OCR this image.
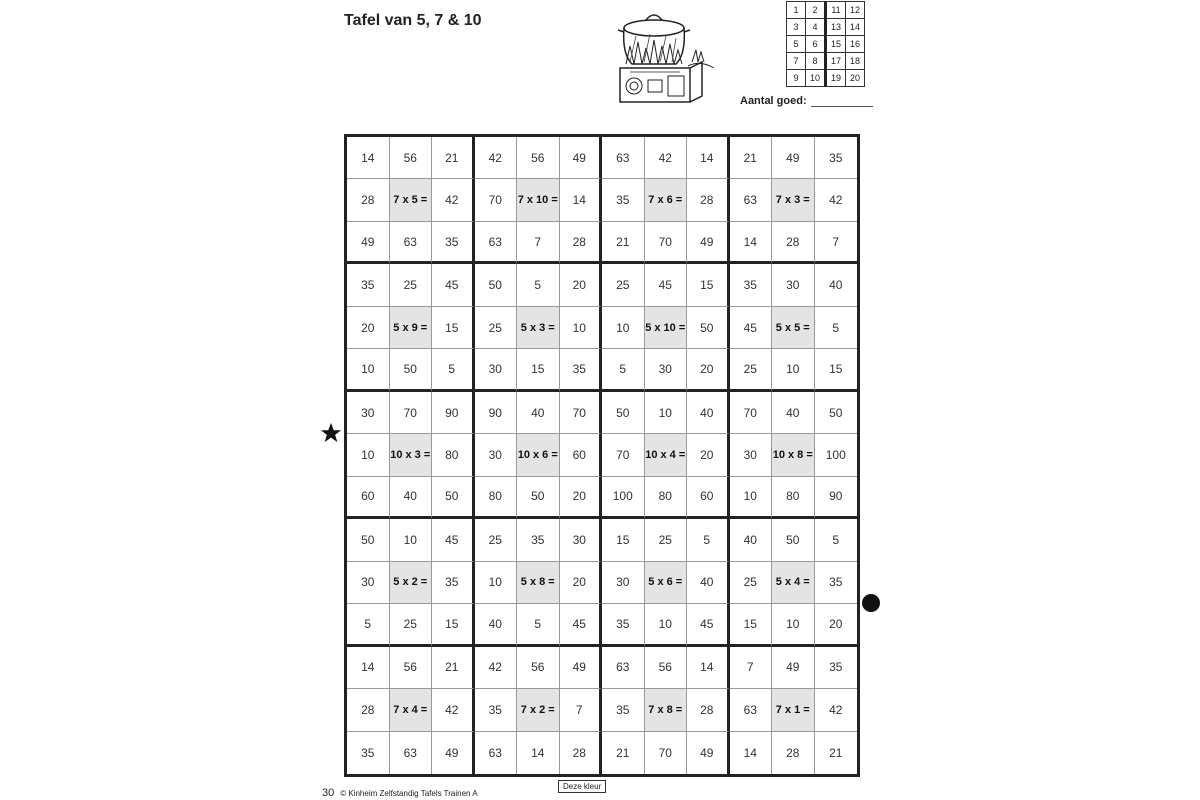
Tafel van 5, 7 & 10
1	2	11	12
3	4	13	14
5	6	15	16
7	8	17	18
9	10	19	20
Aantal goed:
14	56	21	42	56	49	63	42	14	21	49	35
28	7 x 5 =	42	70	7 x 10 =	14	35	7 x 6 =	28	63	7 x 3 =	42
49	63	35	63	7	28	21	70	49	14	28	7
35	25	45	50	5	20	25	45	15	35	30	40
20	5 x 9 =	15	25	5 x 3 =	10	10	5 x 10 =	50	45	5 x 5 =	5
10	50	5	30	15	35	5	30	20	25	10	15
30	70	90	90	40	70	50	10	40	70	40	50
10	10 x 3 =	80	30	10 x 6 =	60	70	10 x 4 =	20	30	10 x 8 =	100
60	40	50	80	50	20	100	80	60	10	80	90
50	10	45	25	35	30	15	25	5	40	50	5
30	5 x 2 =	35	10	5 x 8 =	20	30	5 x 6 =	40	25	5 x 4 =	35
5	25	15	40	5	45	35	10	45	15	10	20
14	56	21	42	56	49	63	56	14	7	49	35
28	7 x 4 =	42	35	7 x 2 =	7	35	7 x 8 =	28	63	7 x 1 =	42
35	63	49	63	14	28	21	70	49	14	28	21
30 © Kinheim Zelfstandig Tafels Trainen A
Deze kleur
